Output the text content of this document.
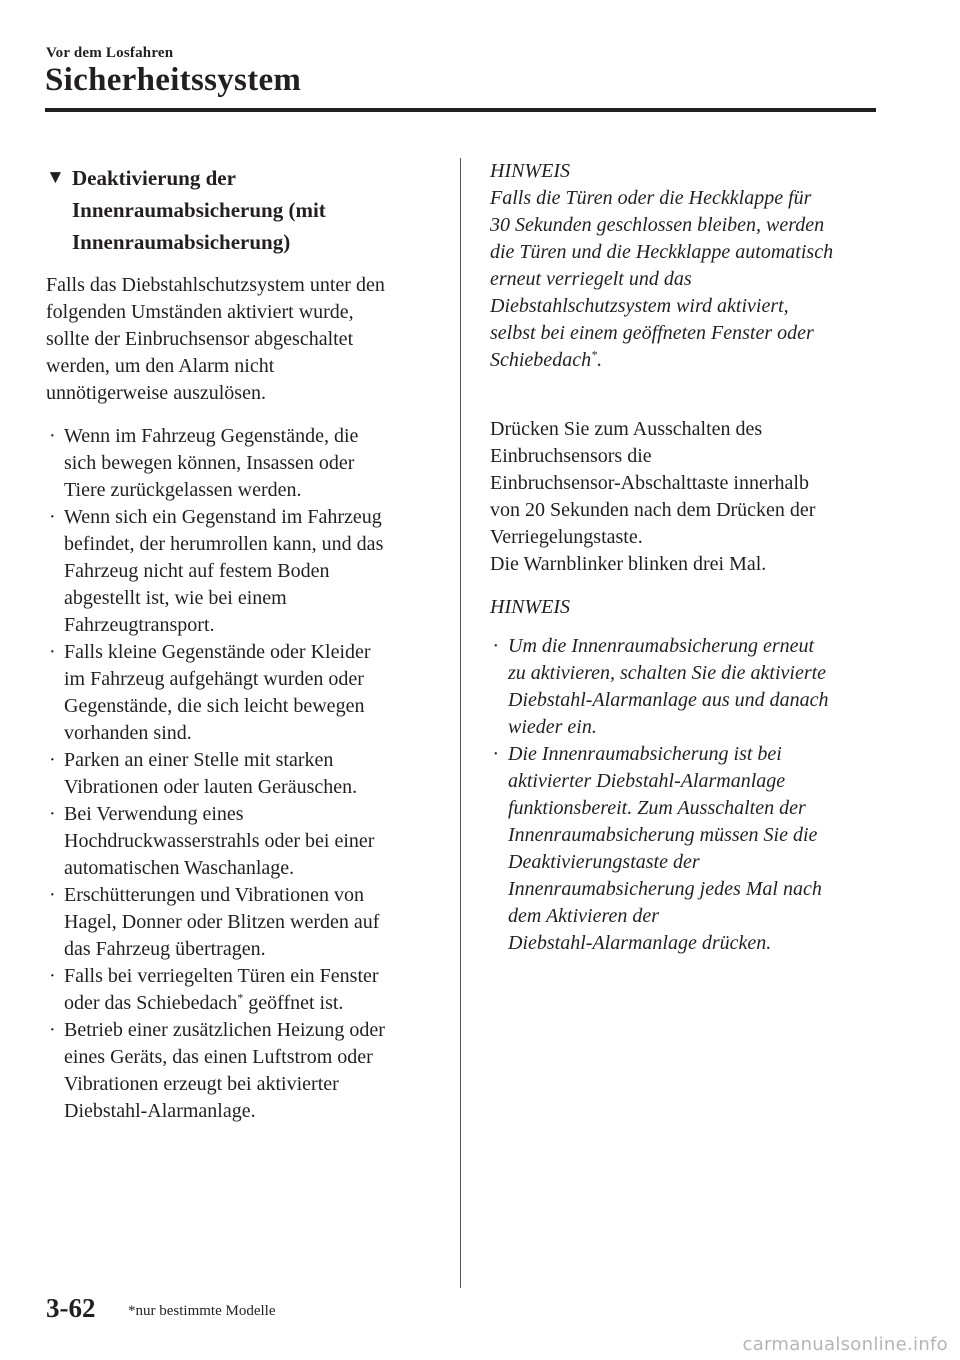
Vor dem Losfahren
Sicherheitssystem
▼ Deaktivierung der
Innenraumabsicherung (mit
Innenraumabsicherung)
Falls das Diebstahlschutzsystem unter den
folgenden Umständen aktiviert wurde,
sollte der Einbruchsensor abgeschaltet
werden, um den Alarm nicht
unnötigerweise auszulösen.
· Wenn im Fahrzeug Gegenstände, die
sich bewegen können, Insassen oder
Tiere zurückgelassen werden.
· Wenn sich ein Gegenstand im Fahrzeug
befindet, der herumrollen kann, und das
Fahrzeug nicht auf festem Boden
abgestellt ist, wie bei einem
Fahrzeugtransport.
· Falls kleine Gegenstände oder Kleider
im Fahrzeug aufgehängt wurden oder
Gegenstände, die sich leicht bewegen
vorhanden sind.
· Parken an einer Stelle mit starken
Vibrationen oder lauten Geräuschen.
· Bei Verwendung eines
Hochdruckwasserstrahls oder bei einer
automatischen Waschanlage.
· Erschütterungen und Vibrationen von
Hagel, Donner oder Blitzen werden auf
das Fahrzeug übertragen.
· Falls bei verriegelten Türen ein Fenster
oder das Schiebedach* geöffnet ist.
· Betrieb einer zusätzlichen Heizung oder
eines Geräts, das einen Luftstrom oder
Vibrationen erzeugt bei aktivierter
Diebstahl-Alarmanlage.
HINWEIS
Falls die Türen oder die Heckklappe für
30 Sekunden geschlossen bleiben, werden
die Türen und die Heckklappe automatisch
erneut verriegelt und das
Diebstahlschutzsystem wird aktiviert,
selbst bei einem geöffneten Fenster oder
Schiebedach*.
Drücken Sie zum Ausschalten des
Einbruchsensors die
Einbruchsensor-Abschalttaste innerhalb
von 20 Sekunden nach dem Drücken der
Verriegelungstaste.
Die Warnblinker blinken drei Mal.
HINWEIS
· Um die Innenraumabsicherung erneut
zu aktivieren, schalten Sie die aktivierte
Diebstahl-Alarmanlage aus und danach
wieder ein.
· Die Innenraumabsicherung ist bei
aktivierter Diebstahl-Alarmanlage
funktionsbereit. Zum Ausschalten der
Innenraumabsicherung müssen Sie die
Deaktivierungstaste der
Innenraumabsicherung jedes Mal nach
dem Aktivieren der
Diebstahl-Alarmanlage drücken.
3-62 *nur bestimmte Modelle
carmanualsonline.info
